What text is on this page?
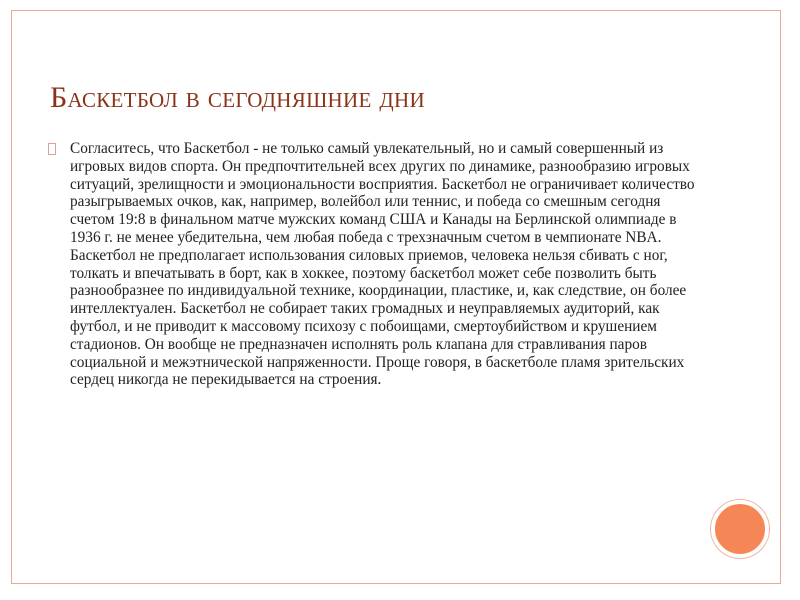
Баскетбол в сегодняшние дни

Согласитесь, что Баскетбол - не только самый увлекательный, но и самый совершенный из игровых видов спорта. Он предпочтительней всех других по динамике, разнообразию игровых ситуаций, зрелищности и эмоциональности восприятия. Баскетбол не ограничивает количество разыгрываемых очков, как, например, волейбол или теннис, и победа со смешным сегодня счетом 19:8 в финальном матче мужских команд США и Канады на Берлинской олимпиаде в 1936 г. не менее убедительна, чем любая победа с трехзначным счетом в чемпионате NBA. Баскетбол не предполагает использования силовых приемов, человека нельзя сбивать с ног, толкать и впечатывать в борт, как в хоккее, поэтому баскетбол может себе позволить быть разнообразнее по индивидуальной технике, координации, пластике, и, как следствие, он более интеллектуален. Баскетбол не собирает таких громадных и неуправляемых аудиторий, как футбол, и не приводит к массовому психозу с побоищами, смертоубийством и крушением стадионов. Он вообще не предназначен исполнять роль клапана для стравливания паров социальной и межэтнической напряженности. Проще говоря, в баскетболе пламя зрительских сердец никогда не перекидывается на строения.
